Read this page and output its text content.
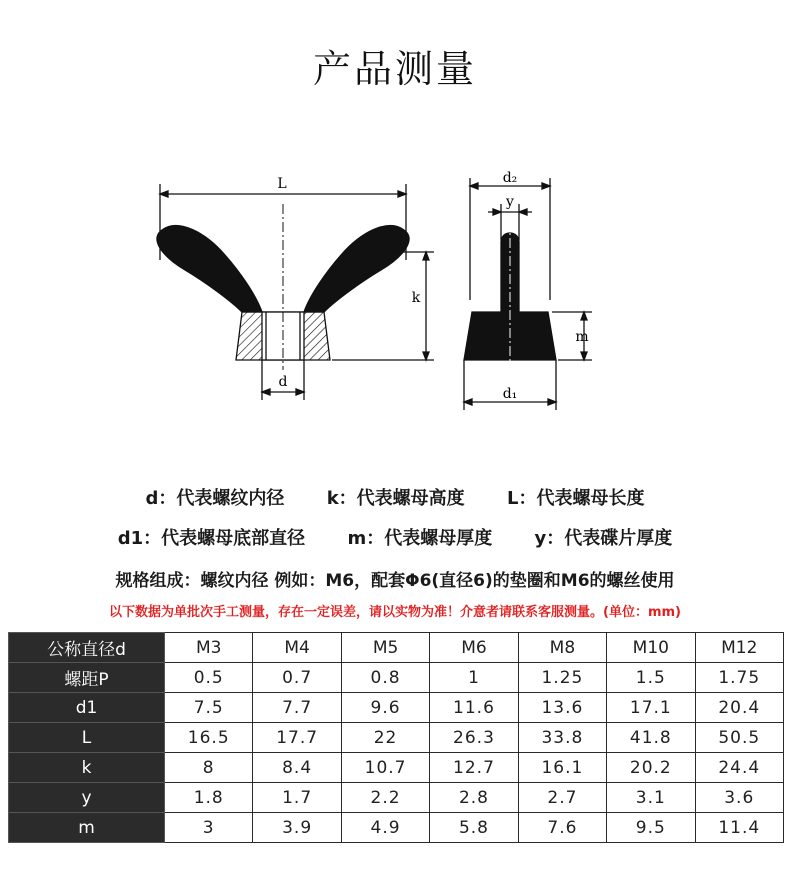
产品测量
L
k
d
d₂
y
m
d₁
d：代表螺纹内径 k：代表螺母高度 L：代表螺母长度
d1：代表螺母底部直径 m：代表螺母厚度 y：代表碟片厚度
规格组成：螺纹内径 例如：M6，配套Φ6(直径6)的垫圈和M6的螺丝使用
以下数据为单批次手工测量，存在一定误差，请以实物为准！介意者请联系客服测量。(单位：mm)
公称直径d	M3	M4	M5	M6	M8	M10	M12
螺距P	0.5	0.7	0.8	1	1.25	1.5	1.75
d1	7.5	7.7	9.6	11.6	13.6	17.1	20.4
L	16.5	17.7	22	26.3	33.8	41.8	50.5
k	8	8.4	10.7	12.7	16.1	20.2	24.4
y	1.8	1.7	2.2	2.8	2.7	3.1	3.6
m	3	3.9	4.9	5.8	7.6	9.5	11.4
